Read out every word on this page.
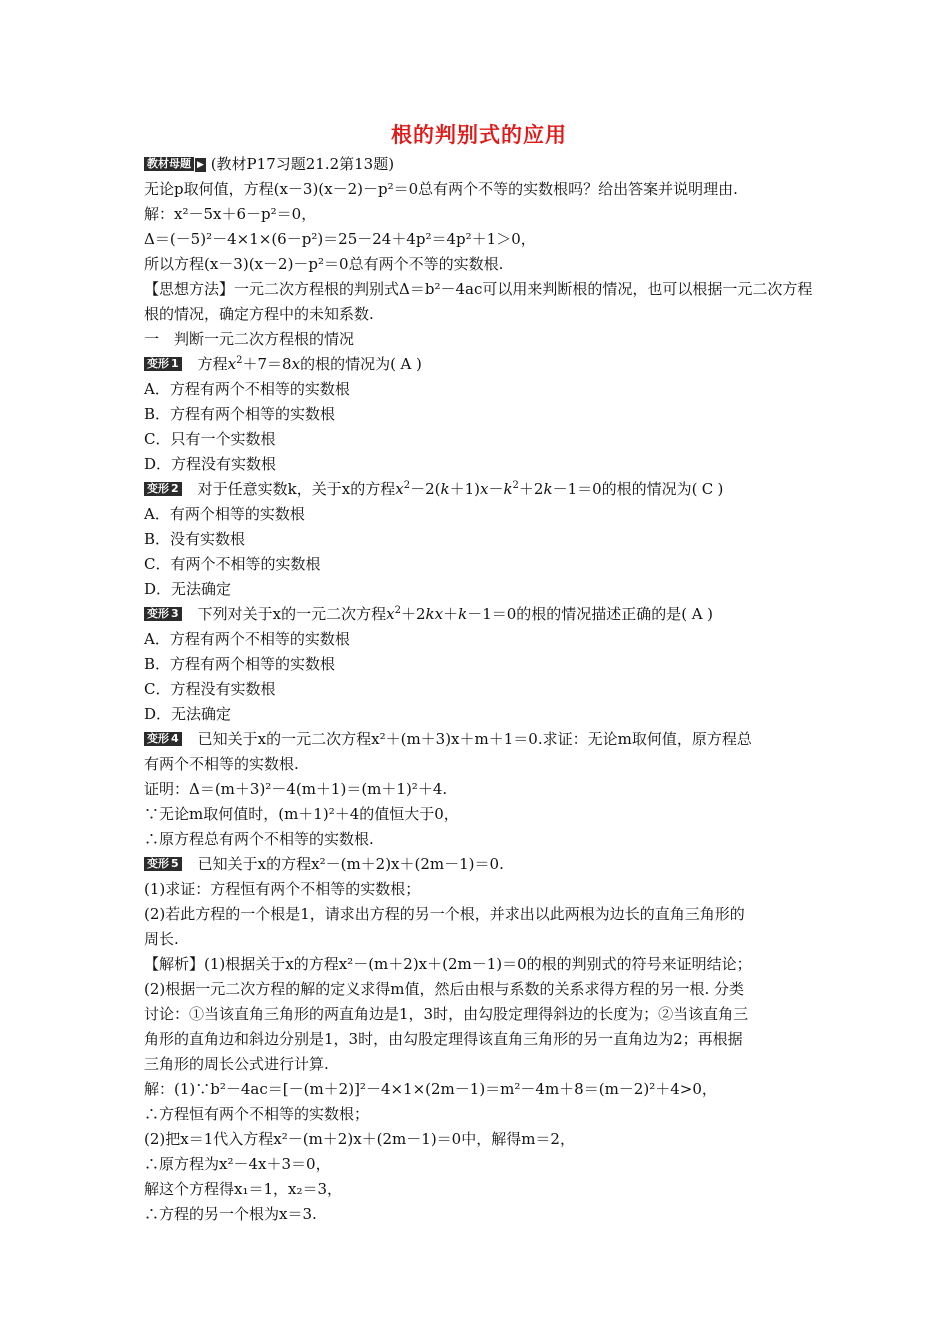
根的判别式的应用

教材母题 ▶ (教材P17习题21.2第13题)

无论p取何值，方程(x－3)(x－2)－p²＝0总有两个不等的实数根吗？给出答案并说明理由.

解：x²－5x＋6－p²＝0，

Δ＝(－5)²－4×1×(6－p²)＝25－24＋4p²＝4p²＋1＞0，

所以方程(x－3)(x－2)－p²＝0总有两个不等的实数根.

【思想方法】一元二次方程根的判别式Δ＝b²－4ac可以用来判断根的情况，也可以根据一元二次方程根的情况，确定方程中的未知系数.

一　判断一元二次方程根的情况

变形 1 方程$x^2+7=8x$的根的情况为( A )

A．方程有两个不相等的实数根

B．方程有两个相等的实数根

C．只有一个实数根

D．方程没有实数根

变形 2 对于任意实数k，关于x的方程$x^2-2(k+1)x-k^2+2k-1=0$的根的情况为( C )

A．有两个相等的实数根

B．没有实数根

C．有两个不相等的实数根

D．无法确定

变形 3 下列对关于x的一元二次方程$x^2+2kx+k-1=0$的根的情况描述正确的是( A )

A．方程有两个不相等的实数根

B．方程有两个相等的实数根

C．方程没有实数根

D．无法确定

变形 4 已知关于x的一元二次方程x²＋(m＋3)x＋m＋1＝0.求证：无论m取何值，原方程总

有两个不相等的实数根.

证明：Δ＝(m＋3)²－4(m＋1)＝(m＋1)²＋4.

∵无论m取何值时，(m＋1)²＋4的值恒大于0，

∴原方程总有两个不相等的实数根.

变形 5 已知关于x的方程x²－(m＋2)x＋(2m－1)＝0.

(1)求证：方程恒有两个不相等的实数根；

(2)若此方程的一个根是1，请求出方程的另一个根，并求出以此两根为边长的直角三角形的

周长.

【解析】(1)根据关于x的方程x²－(m＋2)x＋(2m－1)＝0的根的判别式的符号来证明结论；

(2)根据一元二次方程的解的定义求得m值，然后由根与系数的关系求得方程的另一根. 分类

讨论：①当该直角三角形的两直角边是1，3时，由勾股定理得斜边的长度为；②当该直角三

角形的直角边和斜边分别是1，3时，由勾股定理得该直角三角形的另一直角边为2；再根据

三角形的周长公式进行计算.

解：(1)∵b²－4ac＝[－(m＋2)]²－4×1×(2m－1)＝m²－4m＋8＝(m－2)²＋4>0，

∴方程恒有两个不相等的实数根；

(2)把x＝1代入方程x²－(m＋2)x＋(2m－1)＝0中，解得m＝2，

∴原方程为x²－4x＋3＝0，

解这个方程得x₁＝1，x₂＝3，

∴方程的另一个根为x＝3.
